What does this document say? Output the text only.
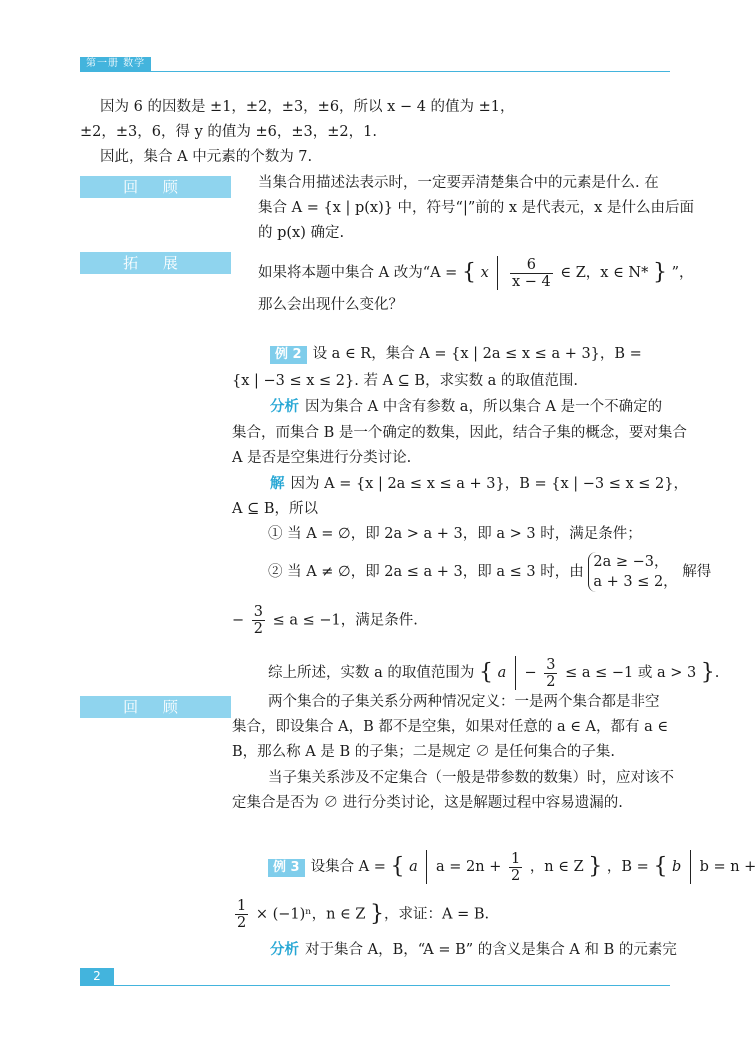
第一册 数学
因为 6 的因数是 ±1，±2，±3，±6，所以 x − 4 的值为 ±1，
±2，±3，6，得 y 的值为 ±6，±3，±2，1.
因此，集合 A 中元素的个数为 7.
回 顾	当集合用描述法表示时，一定要弄清楚集合中的元素是什么. 在
集合 A = {x | p(x)} 中，符号“|”前的 x 是代表元，x 是什么由后面
的 p(x) 确定.
拓 展
如果将本题中集合 A 改为“A = { x $\frac{6}{x - 4}$ ∈ Z，x ∈ N* } ”，
那么会出现什么变化？
例 2 设 a ∈ R，集合 A = {x | 2a ≤ x ≤ a + 3}，B =
{x | −3 ≤ x ≤ 2}. 若 A ⊆ B，求实数 a 的取值范围.
分析 因为集合 A 中含有参数 a，所以集合 A 是一个不确定的
集合，而集合 B 是一个确定的数集，因此，结合子集的概念，要对集合
A 是否是空集进行分类讨论.
解 因为 A = {x | 2a ≤ x ≤ a + 3}，B = {x | −3 ≤ x ≤ 2}，
A ⊆ B，所以
① 当 A = ∅，即 2a > a + 3，即 a > 3 时，满足条件；
② 当 A ≠ ∅，即 2a ≤ a + 3，即 a ≤ 3 时，由
2a ≥ −3，
a + 3 ≤ 2，
解得
− $\frac{3}{2} \le a \le -1$，满足条件.
综上所述，实数 a 的取值范围为 { $a - \frac{3}{2} \le a \le -1$ 或 a > 3 }.
回 顾	两个集合的子集关系分两种情况定义：一是两个集合都是非空
集合，即设集合 A，B 都不是空集，如果对任意的 a ∈ A，都有 a ∈
B，那么称 A 是 B 的子集；二是规定 ∅ 是任何集合的子集.
当子集关系涉及不定集合（一般是带参数的数集）时，应对该不
定集合是否为 ∅ 进行分类讨论，这是解题过程中容易遗漏的.
例 3 设集合 A = { a $a = 2n + \frac{1}{2}$ ，n ∈ Z } ，B = { b b = n +
$\frac{1}{2} \times (-1)^n$，n ∈ Z }，求证：A = B.
分析 对于集合 A，B，“A = B” 的含义是集合 A 和 B 的元素完
2
